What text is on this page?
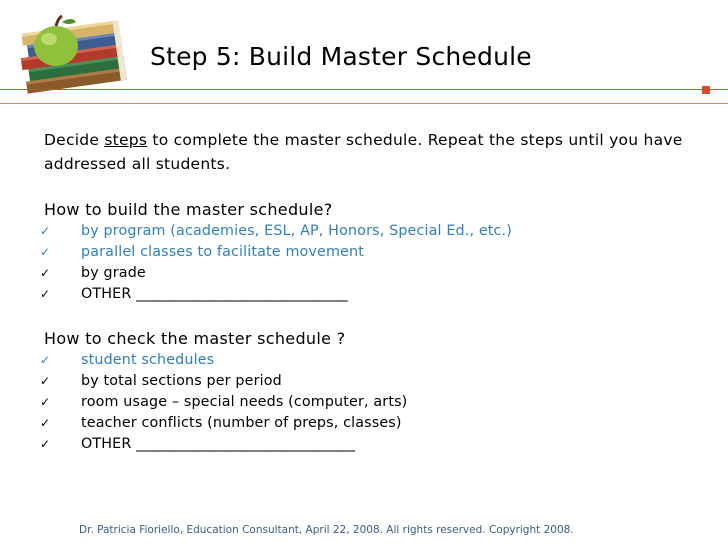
Step 5: Build Master Schedule

Decide steps to complete the master schedule. Repeat the steps until you have addressed all students.

How to build the master schedule?

✓ by program (academies, ESL, AP, Honors, Special Ed., etc.)
✓ parallel classes to facilitate movement
✓ by grade
✓ OTHER _____________________________

How to check the master schedule ?

✓ student schedules
✓ by total sections per period
✓ room usage – special needs (computer, arts)
✓ teacher conflicts (number of preps, classes)
✓ OTHER ______________________________
Dr. Patricia Fioriello, Education Consultant, April 22, 2008. All rights reserved. Copyright 2008.
